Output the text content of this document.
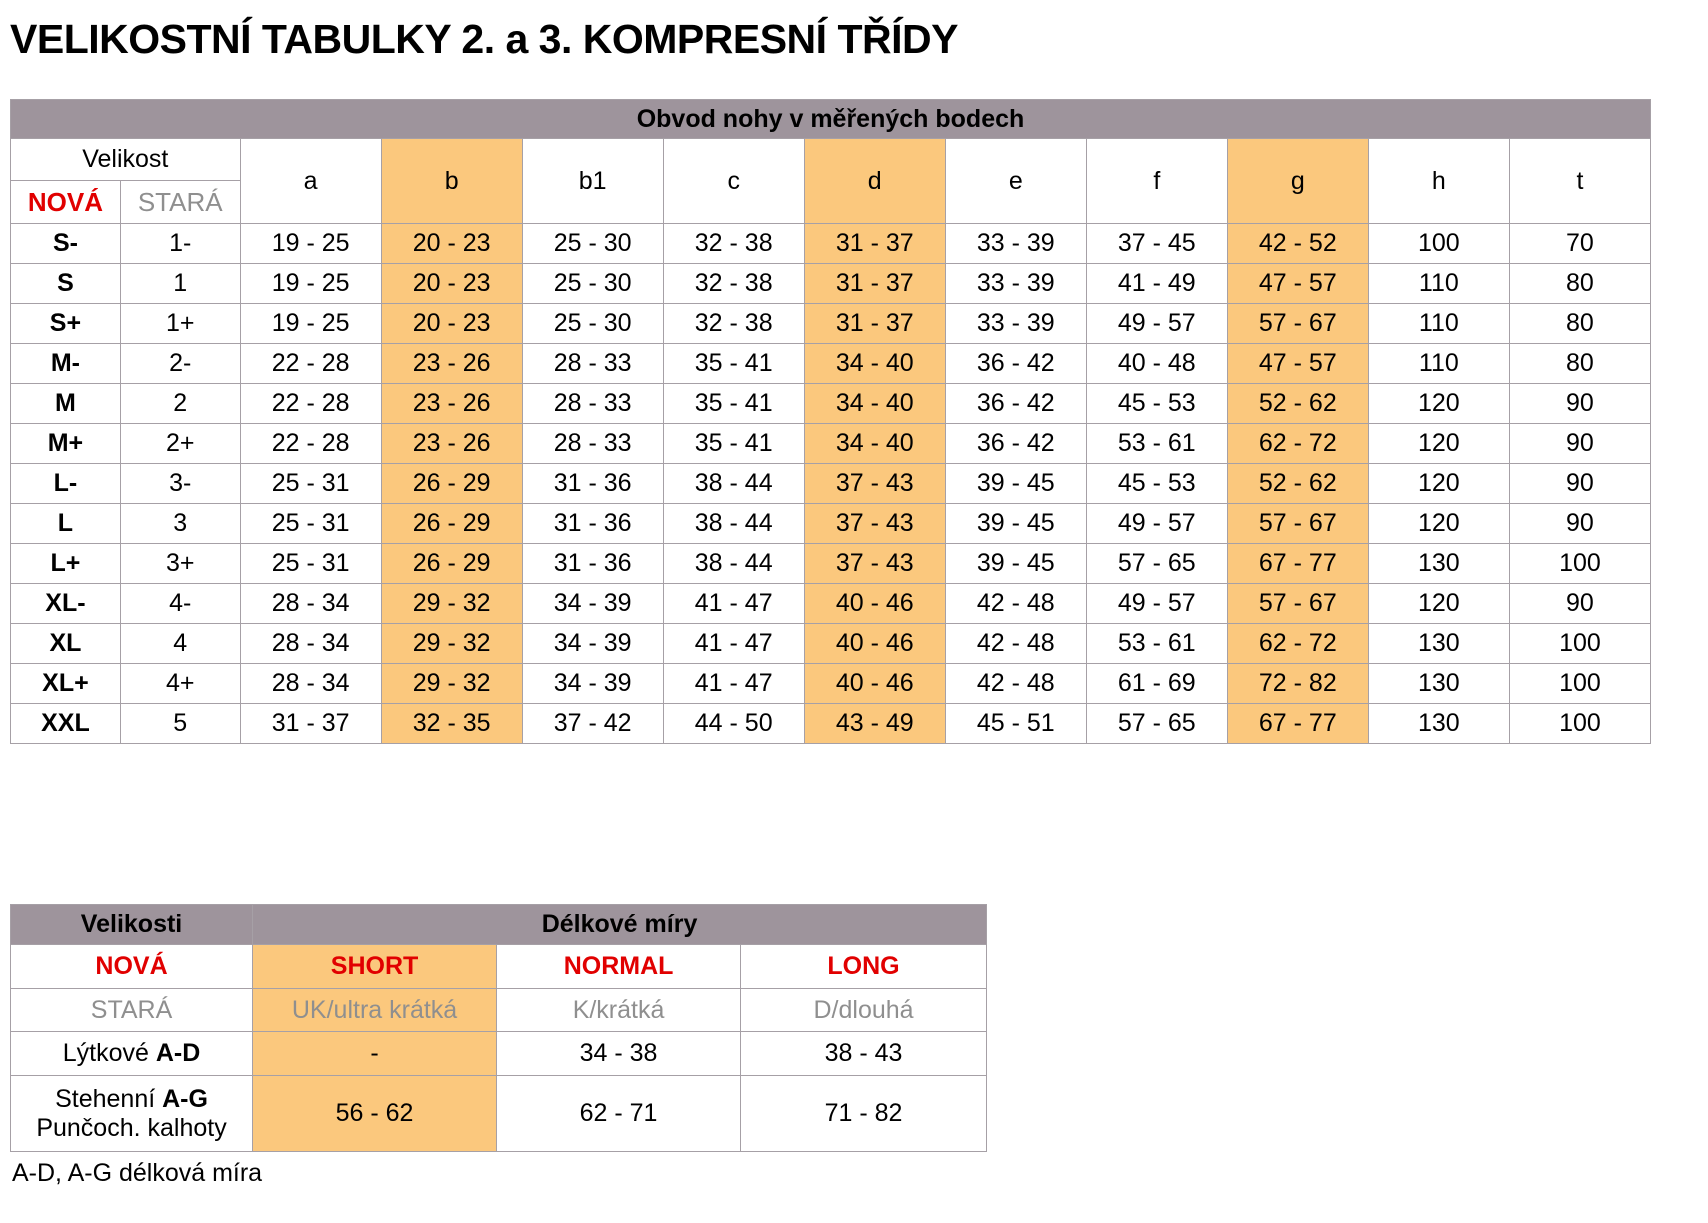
VELIKOSTNÍ TABULKY 2. a 3. KOMPRESNÍ TŘÍDY
Obvod nohy v měřených bodech											
Velikost		a	b	b1	c	d	e	f	g	h	t
NOVÁ	STARÁ										
S-	1-	19 - 25	20 - 23	25 - 30	32 - 38	31 - 37	33 - 39	37 - 45	42 - 52	100	70
S	1	19 - 25	20 - 23	25 - 30	32 - 38	31 - 37	33 - 39	41 - 49	47 - 57	110	80
S+	1+	19 - 25	20 - 23	25 - 30	32 - 38	31 - 37	33 - 39	49 - 57	57 - 67	110	80
M-	2-	22 - 28	23 - 26	28 - 33	35 - 41	34 - 40	36 - 42	40 - 48	47 - 57	110	80
M	2	22 - 28	23 - 26	28 - 33	35 - 41	34 - 40	36 - 42	45 - 53	52 - 62	120	90
M+	2+	22 - 28	23 - 26	28 - 33	35 - 41	34 - 40	36 - 42	53 - 61	62 - 72	120	90
L-	3-	25 - 31	26 - 29	31 - 36	38 - 44	37 - 43	39 - 45	45 - 53	52 - 62	120	90
L	3	25 - 31	26 - 29	31 - 36	38 - 44	37 - 43	39 - 45	49 - 57	57 - 67	120	90
L+	3+	25 - 31	26 - 29	31 - 36	38 - 44	37 - 43	39 - 45	57 - 65	67 - 77	130	100
XL-	4-	28 - 34	29 - 32	34 - 39	41 - 47	40 - 46	42 - 48	49 - 57	57 - 67	120	90
XL	4	28 - 34	29 - 32	34 - 39	41 - 47	40 - 46	42 - 48	53 - 61	62 - 72	130	100
XL+	4+	28 - 34	29 - 32	34 - 39	41 - 47	40 - 46	42 - 48	61 - 69	72 - 82	130	100
XXL	5	31 - 37	32 - 35	37 - 42	44 - 50	43 - 49	45 - 51	57 - 65	67 - 77	130	100
Velikosti	Délkové míry		
NOVÁ	SHORT	NORMAL	LONG
STARÁ	UK/ultra krátká	K/krátká	D/dlouhá
Lýtkové A-D	-	34 - 38	38 - 43

Stehenní A-G
Punčoch. kalhoty	56 - 62	62 - 71	71 - 82
A-D, A-G délková míra
